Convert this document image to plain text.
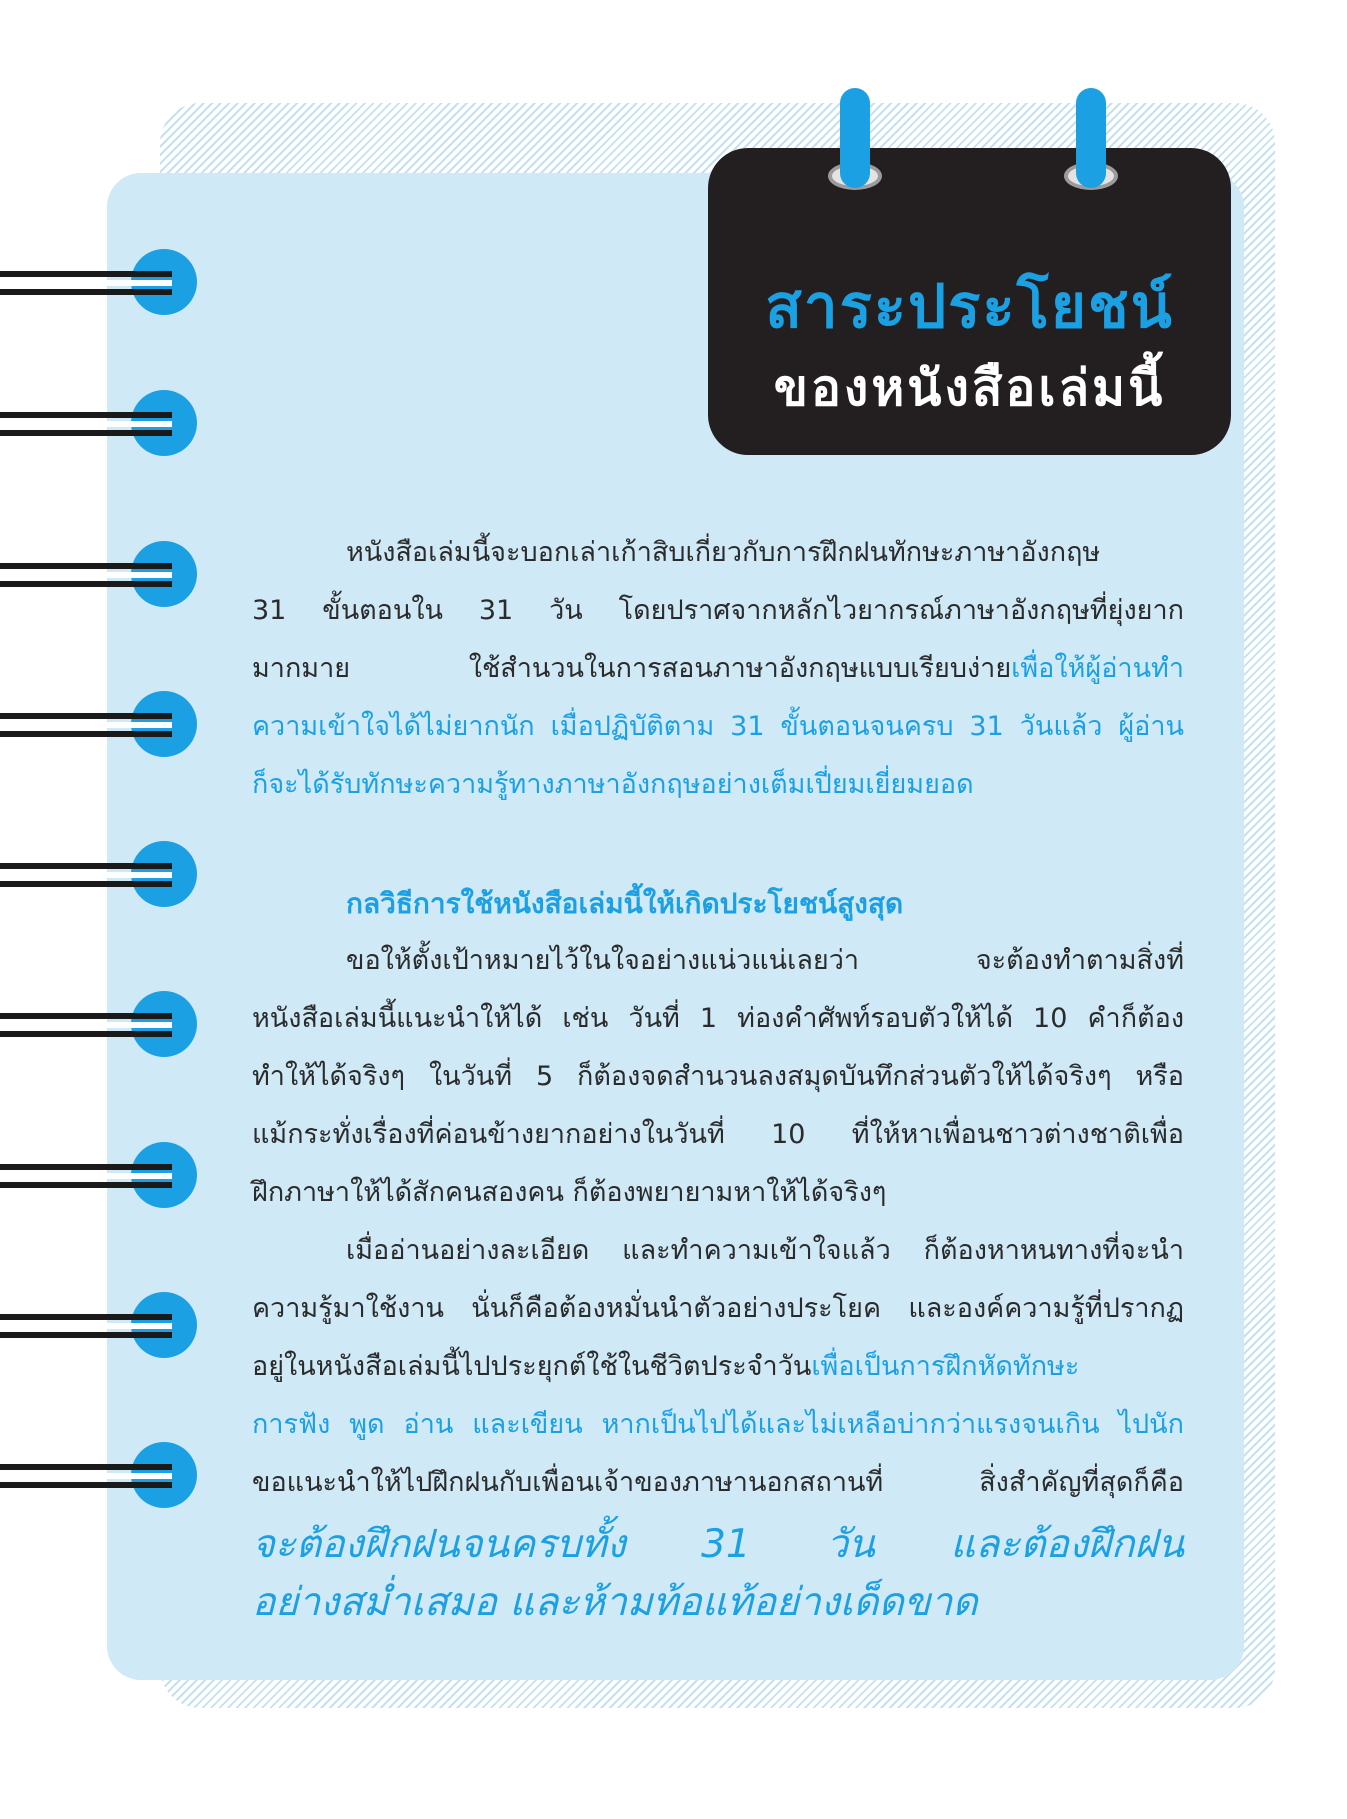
สาระประโยชน์
ของหนังสือเล่มนี้
หนังสือเล่มนี้จะบอกเล่าเก้าสิบเกี่ยวกับการฝึกฝนทักษะภาษาอังกฤษ
31 ขั้นตอนใน 31 วัน โดยปราศจากหลักไวยากรณ์ภาษาอังกฤษที่ยุ่งยาก
มากมาย ใช้สำนวนในการสอนภาษาอังกฤษแบบเรียบง่ายเพื่อให้ผู้อ่านทำ
ความเข้าใจได้ไม่ยากนัก เมื่อปฏิบัติตาม 31 ขั้นตอนจนครบ 31 วันแล้ว ผู้อ่าน
ก็จะได้รับทักษะความรู้ทางภาษาอังกฤษอย่างเต็มเปี่ยมเยี่ยมยอด
กลวิธีการใช้หนังสือเล่มนี้ให้เกิดประโยชน์สูงสุด
ขอให้ตั้งเป้าหมายไว้ในใจอย่างแน่วแน่เลยว่า จะต้องทำตามสิ่งที่
หนังสือเล่มนี้แนะนำให้ได้ เช่น วันที่ 1 ท่องคำศัพท์รอบตัวให้ได้ 10 คำก็ต้อง
ทำให้ได้จริงๆ ในวันที่ 5 ก็ต้องจดสำนวนลงสมุดบันทึกส่วนตัวให้ได้จริงๆ หรือ
แม้กระทั่งเรื่องที่ค่อนข้างยากอย่างในวันที่ 10 ที่ให้หาเพื่อนชาวต่างชาติเพื่อ
ฝึกภาษาให้ได้สักคนสองคน ก็ต้องพยายามหาให้ได้จริงๆ
เมื่ออ่านอย่างละเอียด และทำความเข้าใจแล้ว ก็ต้องหาหนทางที่จะนำ
ความรู้มาใช้งาน นั่นก็คือต้องหมั่นนำตัวอย่างประโยค และองค์ความรู้ที่ปรากฏ
อยู่ในหนังสือเล่มนี้ไปประยุกต์ใช้ในชีวิตประจำวันเพื่อเป็นการฝึกหัดทักษะ
การฟัง พูด อ่าน และเขียน หากเป็นไปได้และไม่เหลือบ่ากว่าแรงจนเกิน ไปนัก
ขอแนะนำให้ไปฝึกฝนกับเพื่อนเจ้าของภาษานอกสถานที่ สิ่งสำคัญที่สุดก็คือ
จะต้องฝึกฝนจนครบทั้ง 31 วัน และต้องฝึกฝน
อย่างสม่ำเสมอ และห้ามท้อแท้อย่างเด็ดขาด
